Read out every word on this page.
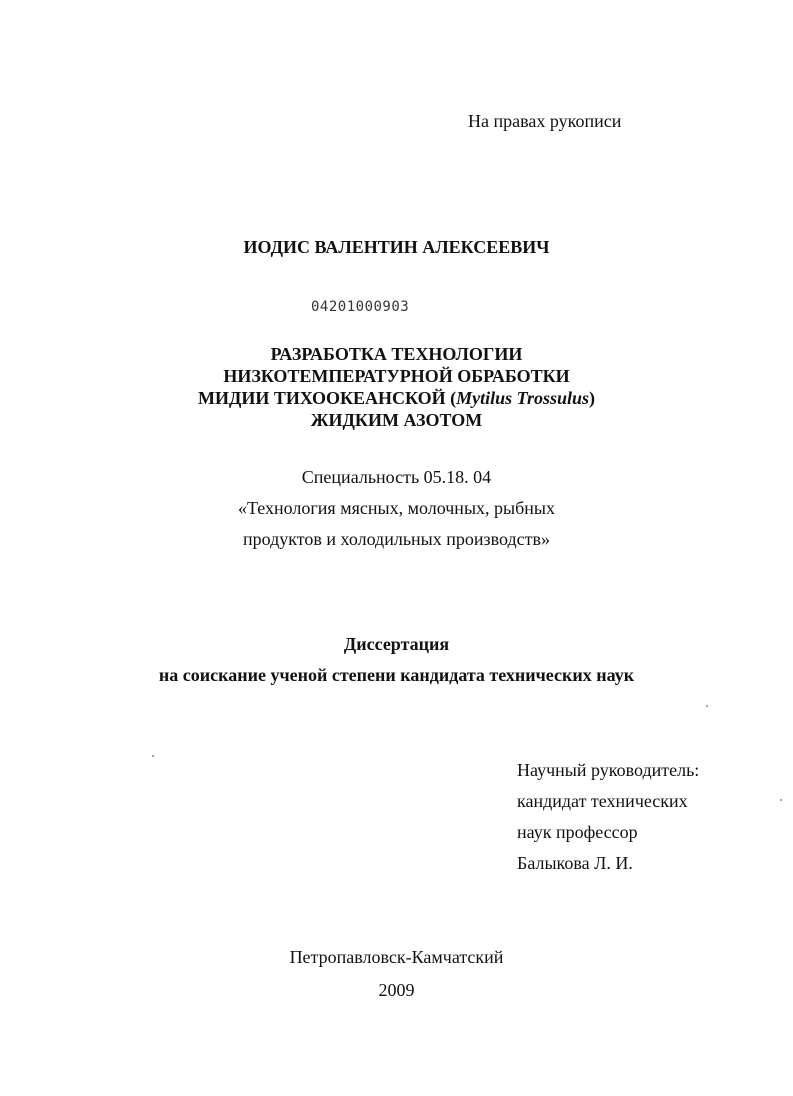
На правах рукописи
ИОДИС ВАЛЕНТИН АЛЕКСЕЕВИЧ
04201000903
РАЗРАБОТКА ТЕХНОЛОГИИ
НИЗКОТЕМПЕРАТУРНОЙ ОБРАБОТКИ
МИДИИ ТИХООКЕАНСКОЙ (Mytilus Trossulus)
ЖИДКИМ АЗОТОМ
Специальность 05.18. 04
«Технология мясных, молочных, рыбных
продуктов и холодильных производств»
Диссертация
на соискание ученой степени кандидата технических наук
Научный руководитель:
кандидат технических
наук профессор
Балыкова Л. И.
Петропавловск-Камчатский
2009
